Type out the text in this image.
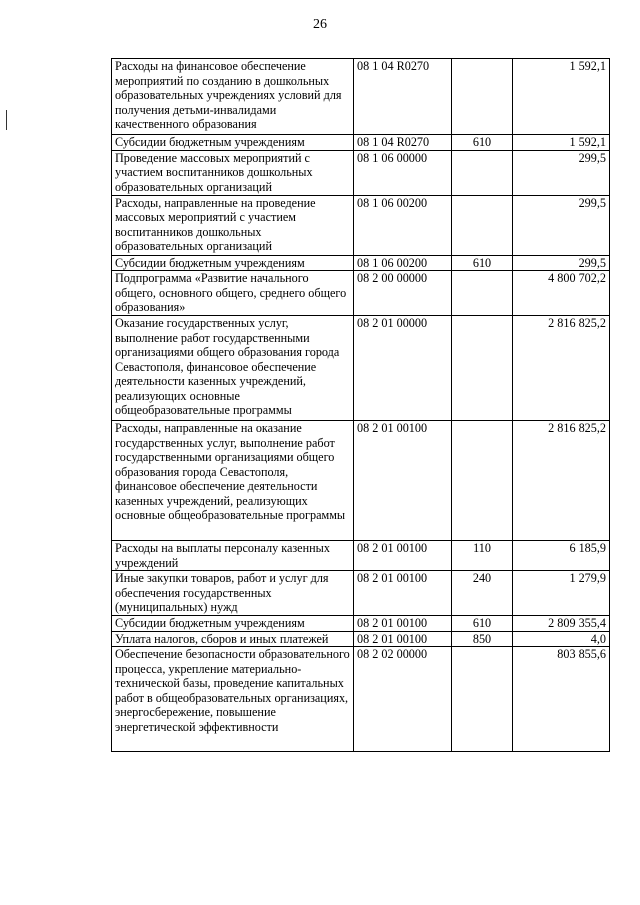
26
Расходы на финансовое обеспечение мероприятий по созданию в дошкольных образовательных учреждениях условий для получения детьми-инвалидами качественного образования	08 1 04 R0270		1 592,1
Субсидии бюджетным учреждениям	08 1 04 R0270	610	1 592,1
Проведение массовых мероприятий с участием воспитанников дошкольных образовательных организаций	08 1 06 00000		299,5
Расходы, направленные на проведение массовых мероприятий с участием воспитанников дошкольных образовательных организаций	08 1 06 00200		299,5
Субсидии бюджетным учреждениям	08 1 06 00200	610	299,5
Подпрограмма «Развитие начального общего, основного общего, среднего общего образования»	08 2 00 00000		4 800 702,2
Оказание государственных услуг, выполнение работ государственными организациями общего образования города Севастополя, финансовое обеспечение деятельности казенных учреждений, реализующих основные общеобразовательные программы	08 2 01 00000		2 816 825,2
Расходы, направленные на оказание государственных услуг, выполнение работ государственными организациями общего образования города Севастополя, финансовое обеспечение деятельности казенных учреждений, реализующих основные общеобразовательные программы	08 2 01 00100		2 816 825,2
Расходы на выплаты персоналу казенных учреждений	08 2 01 00100	110	6 185,9
Иные закупки товаров, работ и услуг для обеспечения государственных (муниципальных) нужд	08 2 01 00100	240	1 279,9
Субсидии бюджетным учреждениям	08 2 01 00100	610	2 809 355,4
Уплата налогов, сборов и иных платежей	08 2 01 00100	850	4,0
Обеспечение безопасности образовательного процесса, укрепление материально-технической базы, проведение капитальных работ в общеобразовательных организациях, энергосбережение, повышение энергетической эффективности	08 2 02 00000		803 855,6
